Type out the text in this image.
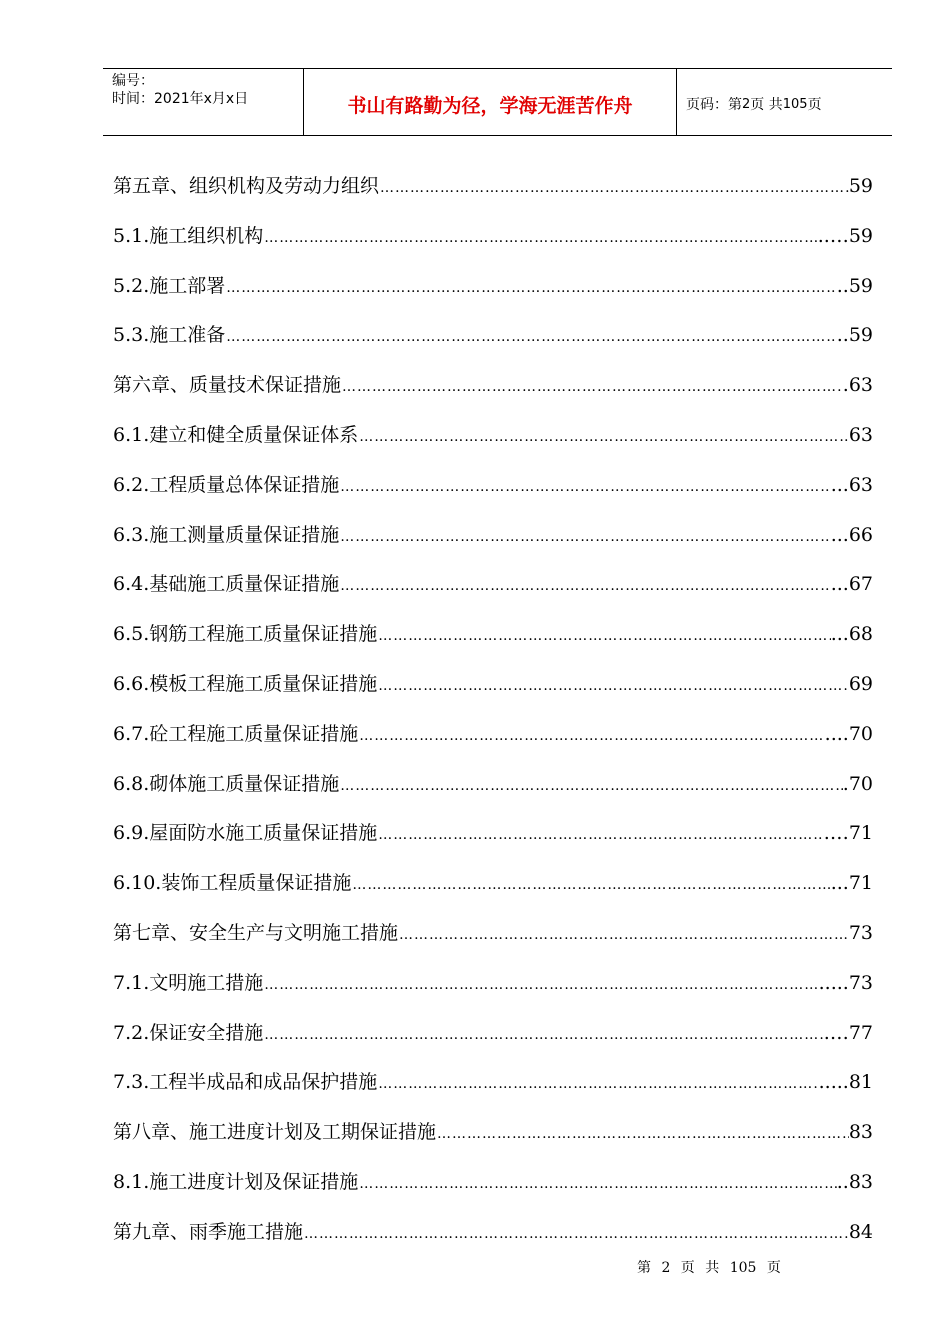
编号：
时间：2021年x月x日	书山有路勤为径，学海无涯苦作舟	页码：第 2 页 共 105 页
第五章、组织机构及劳动力组织 …………………………………………………………………………………………………………………………………………………	59
5.1.施工组织机构 …………………………………………………………………………………………………………………………………………………	..…59
5.2.施工部署 …………………………………………………………………………………………………………………………………………………	..59
5.3.施工准备 …………………………………………………………………………………………………………………………………………………	..59
第六章、质量技术保证措施 …………………………………………………………………………………………………………………………………………………	.63
6.1.建立和健全质量保证体系 …………………………………………………………………………………………………………………………………………………	63
6.2.工程质量总体保证措施 …………………………………………………………………………………………………………………………………………………	...63
6.3.施工测量质量保证措施 …………………………………………………………………………………………………………………………………………………	...66
6.4.基础施工质量保证措施 …………………………………………………………………………………………………………………………………………………	...67
6.5.钢筋工程施工质量保证措施 …………………………………………………………………………………………………………………………………………………	...68
6.6.模板工程施工质量保证措施 …………………………………………………………………………………………………………………………………………………	69
6.7.砼工程施工质量保证措施 …………………………………………………………………………………………………………………………………………………	....70
6.8.砌体施工质量保证措施 …………………………………………………………………………………………………………………………………………………	.70
6.9.屋面防水施工质量保证措施 …………………………………………………………………………………………………………………………………………………	.…71
6.10.装饰工程质量保证措施 …………………………………………………………………………………………………………………………………………………	...71
第七章、安全生产与文明施工措施 …………………………………………………………………………………………………………………………………………………	73
7.1.文明施工措施 …………………………………………………………………………………………………………………………………………………	.....73
7.2.保证安全措施 …………………………………………………………………………………………………………………………………………………	.…77
7.3.工程半成品和成品保护措施 …………………………………………………………………………………………………………………………………………………	.....81
第八章、施工进度计划及工期保证措施 …………………………………………………………………………………………………………………………………………………	83
8.1.施工进度计划及保证措施 …………………………………………………………………………………………………………………………………………………	..83
第九章、雨季施工措施 …………………………………………………………………………………………………………………………………………………	84
第 2 页 共 105 页
